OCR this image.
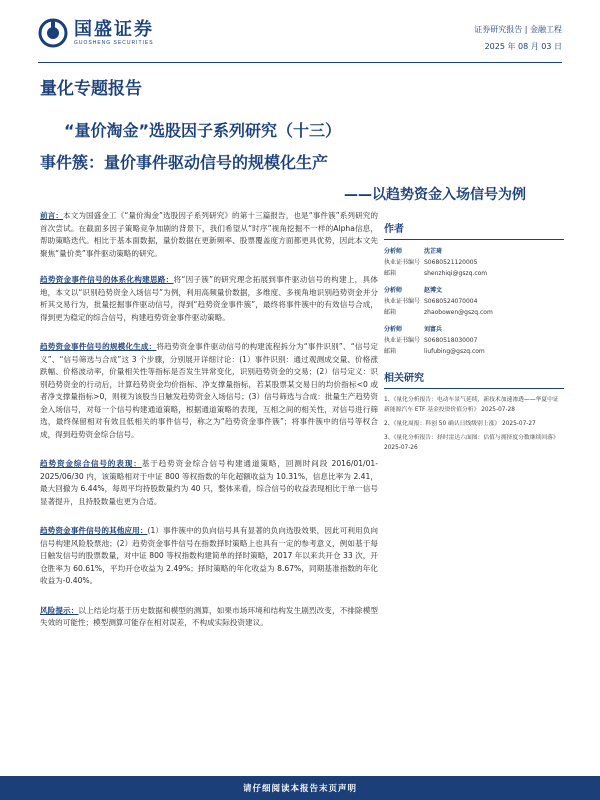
国盛证券
GUOSHENG SECURITIES
证券研究报告 | 金融工程
2025 年 08 月 03 日
量化专题报告
“量价淘金”选股因子系列研究（十三）
事件簇：量价事件驱动信号的规模化生产
——以趋势资金入场信号为例

前言：本文为国盛金工《“量价淘金”选股因子系列研究》的第十三篇报告，也是“事件簇”系列研究的首次尝试。在截面多因子策略竞争加剧的背景下，我们希望从“时序”视角挖掘不一样的Alpha信息，帮助策略迭代。相比于基本面数据，量价数据在更新频率、股票覆盖度方面都更具优势，因此本文先聚焦“量价类”事件驱动策略的研究。

趋势资金事件信号的体系化构建思路：将“因子簇”的研究理念拓展到事件驱动信号的构建上，具体地，本文以“识别趋势资金入场信号”为例，利用高频量价数据，多维度、多视角地识别趋势资金并分析其交易行为，批量挖掘事件驱动信号，得到“趋势资金事件簇”，最终将事件簇中的有效信号合成，得到更为稳定的综合信号，构建趋势资金事件驱动策略。

趋势资金事件信号的规模化生成：将趋势资金事件驱动信号的构建流程拆分为“事件识别”、“信号定义”、“信号筛选与合成”这 3 个步骤，分别展开详细讨论：(1）事件识别：通过观测成交量、价格涨跌幅、价格波动率，价量相关性等指标是否发生异常变化，识别趋势资金的交易；(2）信号定义：识别趋势资金的行动后，计算趋势资金均价指标、净支撑量指标，若某股票某交易日的均价指标<0 或者净支撑量指标>0，则视为该股当日触发趋势资金入场信号；(3）信号筛选与合成：批量生产趋势资金入场信号，对每一个信号构建通道策略，根据通道策略的表现，互相之间的相关性，对信号进行筛选，最终保留相对有效且低相关的事件信号，称之为“趋势资金事件簇”；将事件簇中的信号等权合成，得到趋势资金综合信号。

趋势资金综合信号的表现：基于趋势资金综合信号构建通道策略，回测时间段 2016/01/01-2025/06/30 内，该策略相对于中证 800 等权指数的年化超额收益为 10.31%，信息比率为 2.41，最大回撤为 6.44%，每周平均持股数量约为 40 只，整体来看，综合信号的收益表现相比于单一信号显著提升，且持股数量也更为合适。

趋势资金事件信号的其他应用：(1）事件簇中的负向信号具有显著的负向选股效果，因此可利用负向信号构建风险股票池；(2）趋势资金事件信号在指数择时策略上也具有一定的参考意义，例如基于每日触发信号的股票数量，对中证 800 等权指数构建简单的择时策略，2017 年以来共开仓 33 次，开仓胜率为 60.61%，平均开仓收益为 2.49%；择时策略的年化收益为 8.67%，同期基准指数的年化收益为-0.40%。

风险提示：以上结论均基于历史数据和模型的测算，如果市场环境和结构发生剧烈改变，不排除模型失效的可能性；模型测算可能存在相对误差，不构成实际投资建议。

作者
分析师	沈芷琦
执业证书编号 S0680521120005
邮箱	shenzhiqi@gszq.com
分析师	赵博文
执业证书编号 S0680524070004
邮箱	zhaobowen@gszq.com
分析师	刘富兵
执业证书编号 S0680518030007
邮箱	liufubing@gszq.com
相关研究
1、《量化分析报告：电动车景气延续，新技术加速渗透——华夏中证新能源汽车 ETF 基金投资价值分析》 2025-07-28
2、《量化周报：科创 50 确认日线级别上涨》 2025-07-27
3、《量化分析报告：择时雷达六面图：估值与拥挤度分数继续回落》 2025-07-26
请仔细阅读本报告末页声明
